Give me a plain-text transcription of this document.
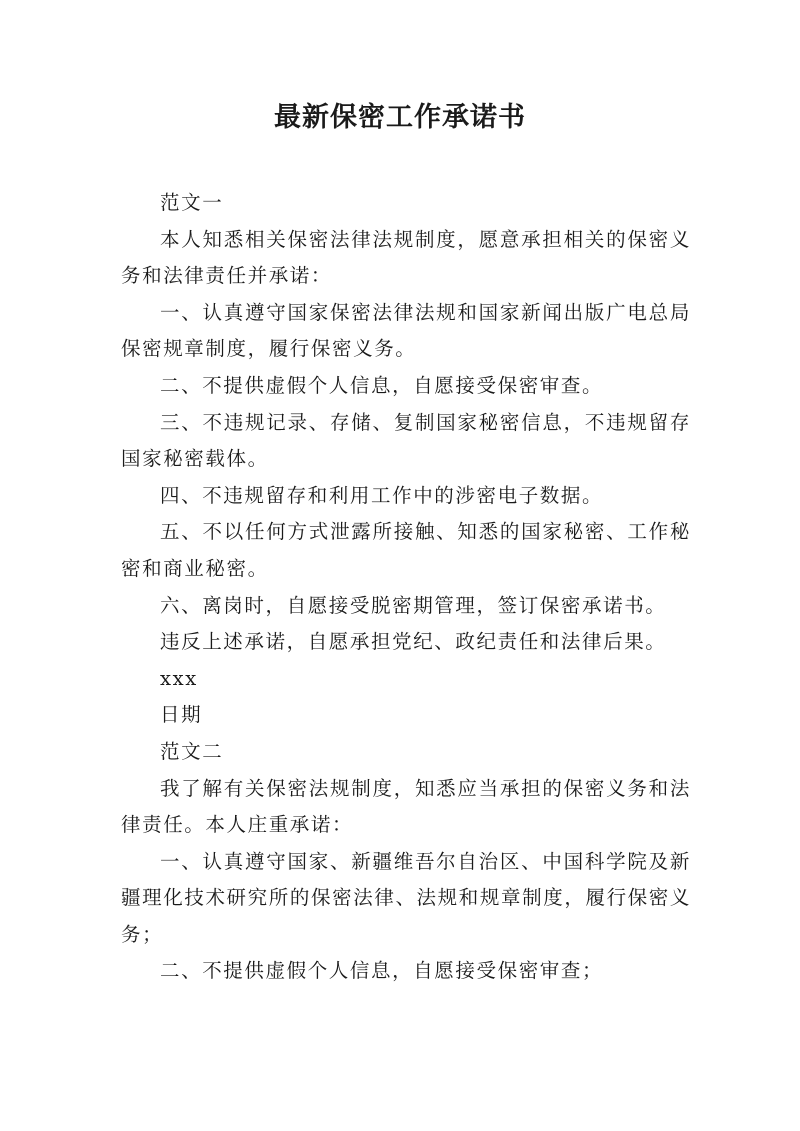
最新保密工作承诺书

范文一

本人知悉相关保密法律法规制度，愿意承担相关的保密义务和法律责任并承诺：

一、认真遵守国家保密法律法规和国家新闻出版广电总局保密规章制度，履行保密义务。

二、不提供虚假个人信息，自愿接受保密审查。

三、不违规记录、存储、复制国家秘密信息，不违规留存国家秘密载体。

四、不违规留存和利用工作中的涉密电子数据。

五、不以任何方式泄露所接触、知悉的国家秘密、工作秘密和商业秘密。

六、离岗时，自愿接受脱密期管理，签订保密承诺书。

违反上述承诺，自愿承担党纪、政纪责任和法律后果。

xxx

日期

范文二

我了解有关保密法规制度，知悉应当承担的保密义务和法律责任。本人庄重承诺：

一、认真遵守国家、新疆维吾尔自治区、中国科学院及新疆理化技术研究所的保密法律、法规和规章制度，履行保密义务；

二、不提供虚假个人信息，自愿接受保密审查；
